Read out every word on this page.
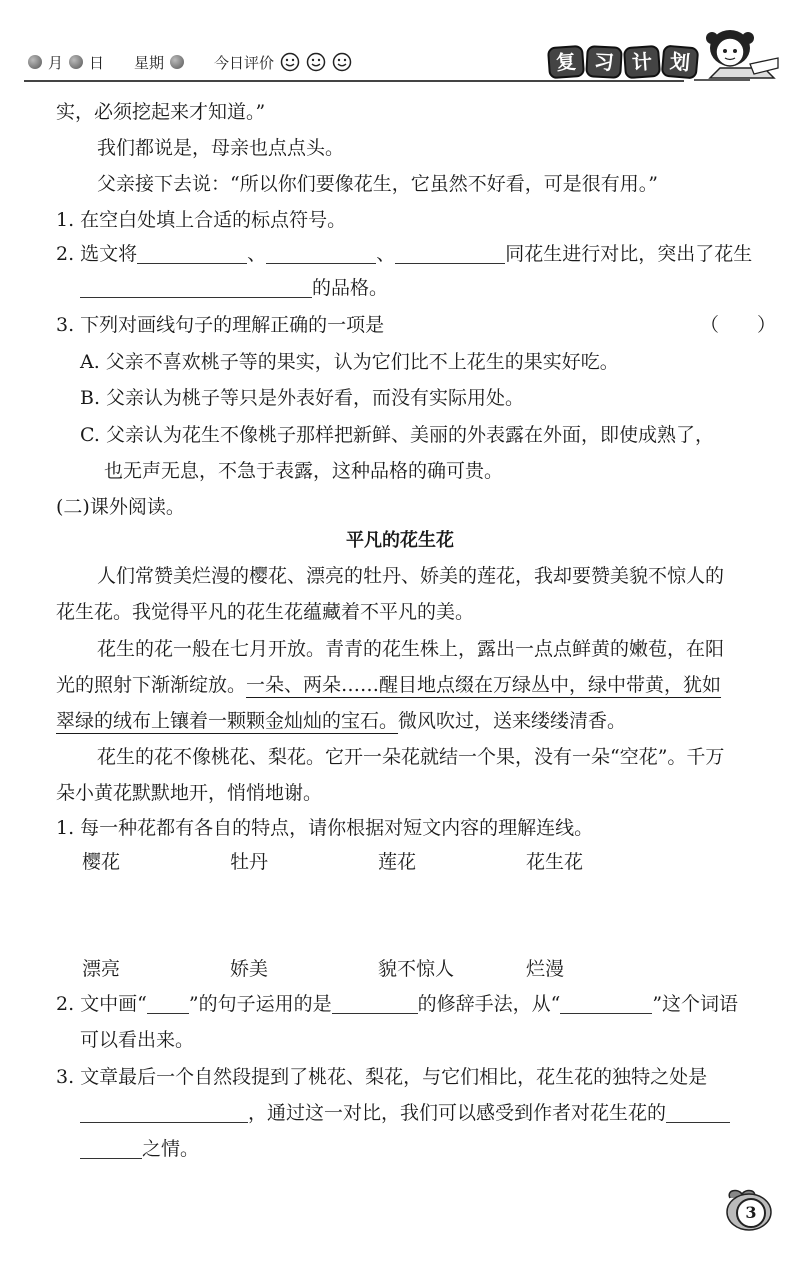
月 日 星期	今日评价	复 习 计 划
实，必须挖起来才知道。”
我们都说是，母亲也点点头。
父亲接下去说：“所以你们要像花生，它虽然不好看，可是很有用。”
1. 在空白处填上合适的标点符号。
2. 选文将	、	、	同花生进行对比，突出了花生
的品格。
3. 下列对画线句子的理解正确的一项是	（　　）
A. 父亲不喜欢桃子等的果实，认为它们比不上花生的果实好吃。
B. 父亲认为桃子等只是外表好看，而没有实际用处。
C. 父亲认为花生不像桃子那样把新鲜、美丽的外表露在外面，即使成熟了，
也无声无息，不急于表露，这种品格的确可贵。
(二)课外阅读。
平凡的花生花
人们常赞美烂漫的樱花、漂亮的牡丹、娇美的莲花，我却要赞美貌不惊人的
花生花。我觉得平凡的花生花蕴藏着不平凡的美。
花生的花一般在七月开放。青青的花生株上，露出一点点鲜黄的嫩苞，在阳
光的照射下渐渐绽放。一朵、两朵……醒目地点缀在万绿丛中，绿中带黄，犹如
翠绿的绒布上镶着一颗颗金灿灿的宝石。微风吹过，送来缕缕清香。
花生的花不像桃花、梨花。它开一朵花就结一个果，没有一朵“空花”。千万
朵小黄花默默地开，悄悄地谢。
1. 每一种花都有各自的特点，请你根据对短文内容的理解连线。
樱花	牡丹	莲花	花生花
漂亮	娇美	貌不惊人	烂漫
2. 文中画“ ”的句子运用的是	的修辞手法，从“	”这个词语
可以看出来。
3. 文章最后一个自然段提到了桃花、梨花，与它们相比，花生花的独特之处是
，通过这一对比，我们可以感受到作者对花生花的
之情。
3
